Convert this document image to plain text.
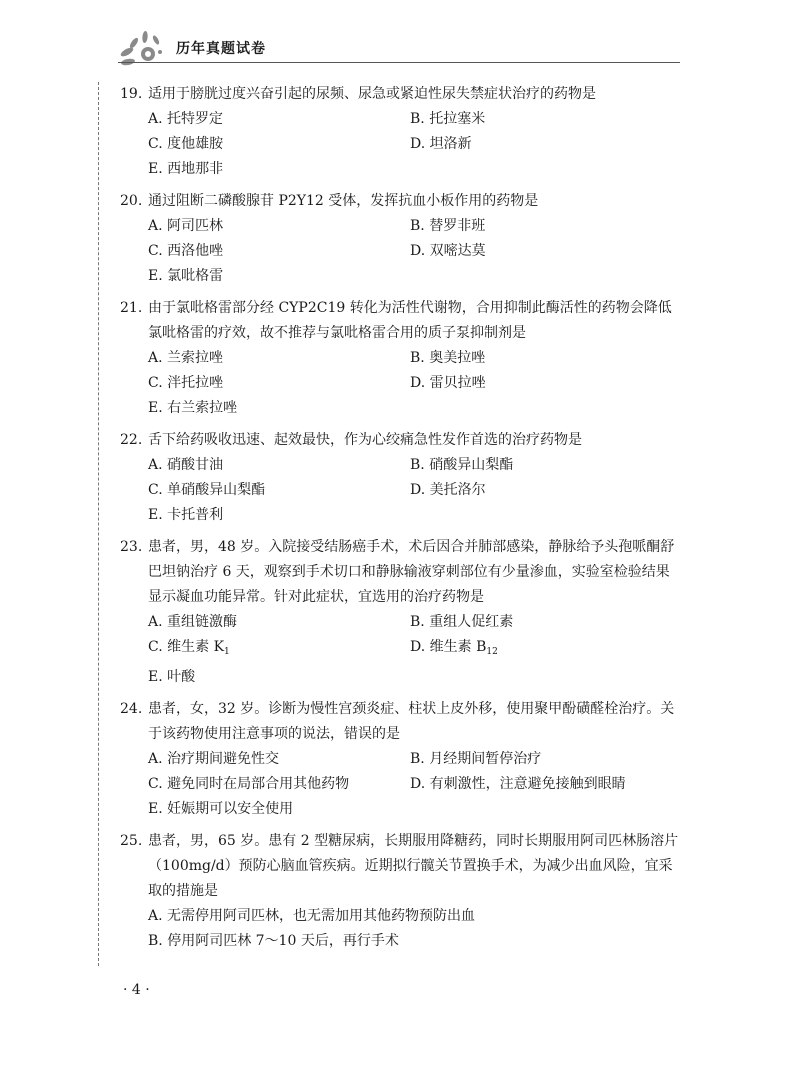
历年真题试卷
19. 适用于膀胱过度兴奋引起的尿频、尿急或紧迫性尿失禁症状治疗的药物是
A. 托特罗定	B. 托拉塞米
C. 度他雄胺	D. 坦洛新
E. 西地那非
20. 通过阻断二磷酸腺苷 P2Y12 受体，发挥抗血小板作用的药物是
A. 阿司匹林	B. 替罗非班
C. 西洛他唑	D. 双嘧达莫
E. 氯吡格雷
21. 由于氯吡格雷部分经 CYP2C19 转化为活性代谢物，合用抑制此酶活性的药物会降低氯吡格雷的疗效，故不推荐与氯吡格雷合用的质子泵抑制剂是
A. 兰索拉唑	B. 奥美拉唑
C. 泮托拉唑	D. 雷贝拉唑
E. 右兰索拉唑
22. 舌下给药吸收迅速、起效最快，作为心绞痛急性发作首选的治疗药物是
A. 硝酸甘油	B. 硝酸异山梨酯
C. 单硝酸异山梨酯	D. 美托洛尔
E. 卡托普利
23. 患者，男，48 岁。入院接受结肠癌手术，术后因合并肺部感染，静脉给予头孢哌酮舒巴坦钠治疗 6 天，观察到手术切口和静脉输液穿刺部位有少量渗血，实验室检验结果显示凝血功能异常。针对此症状，宜选用的治疗药物是
A. 重组链激酶	B. 重组人促红素
C. 维生素 $K_1$	D. 维生素 $B_{12}$
E. 叶酸
24. 患者，女，32 岁。诊断为慢性宫颈炎症、柱状上皮外移，使用聚甲酚磺醛栓治疗。关于该药物使用注意事项的说法，错误的是
A. 治疗期间避免性交	B. 月经期间暂停治疗
C. 避免同时在局部合用其他药物	D. 有刺激性，注意避免接触到眼睛
E. 妊娠期可以安全使用
25. 患者，男，65 岁。患有 2 型糖尿病，长期服用降糖药，同时长期服用阿司匹林肠溶片（100mg/d）预防心脑血管疾病。近期拟行髋关节置换手术，为减少出血风险，宜采取的措施是
A. 无需停用阿司匹林，也无需加用其他药物预防出血
B. 停用阿司匹林 7～10 天后，再行手术
· 4 ·
